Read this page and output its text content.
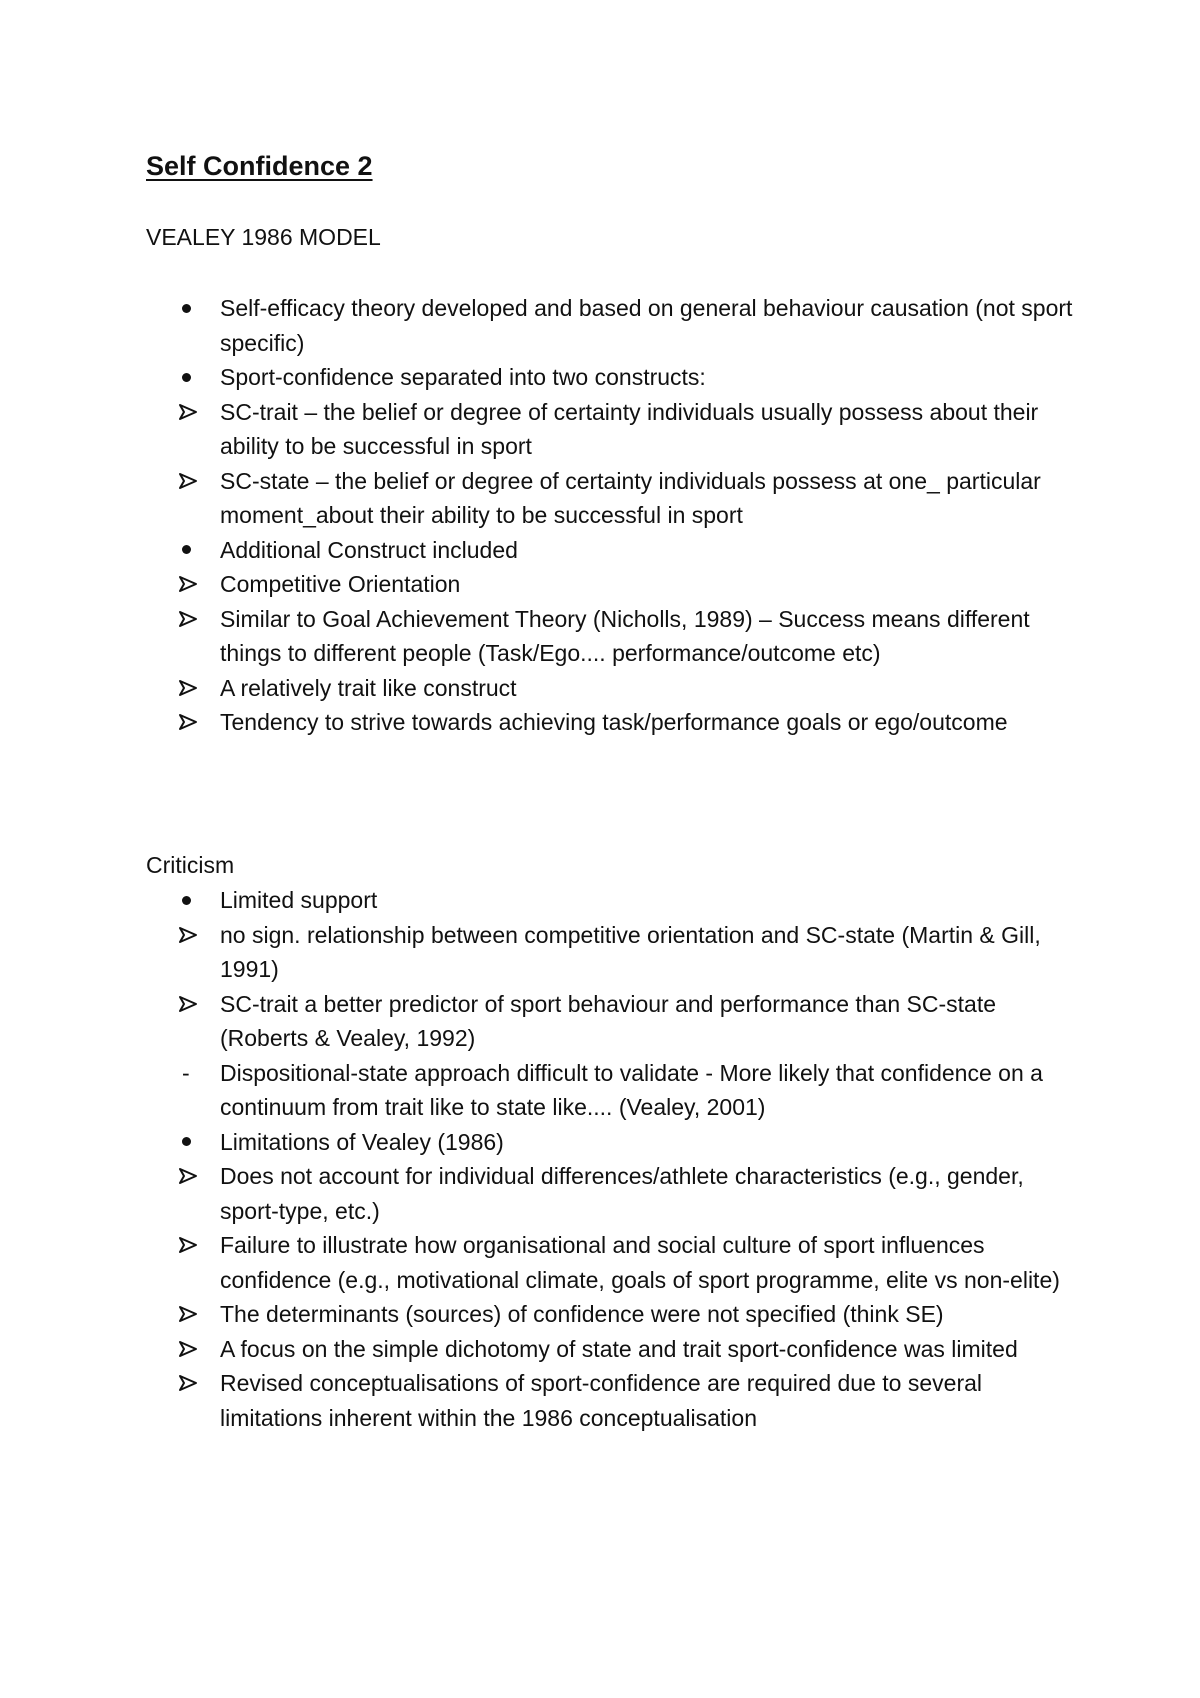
Self Confidence 2
VEALEY 1986 MODEL
Self-efficacy theory developed and based on general behaviour causation (not sport specific)
Sport-confidence separated into two constructs:
SC-trait – the belief or degree of certainty individuals usually possess about their ability to be successful in sport
SC-state – the belief or degree of certainty individuals possess at one_ particular moment_about their ability to be successful in sport
Additional Construct included
Competitive Orientation
Similar to Goal Achievement Theory (Nicholls, 1989) – Success means different things to different people (Task/Ego.... performance/outcome etc)
A relatively trait like construct
Tendency to strive towards achieving task/performance goals or ego/outcome
Criticism
Limited support
no sign. relationship between competitive orientation and SC-state (Martin & Gill, 1991)
SC-trait a better predictor of sport behaviour and performance than SC-state (Roberts & Vealey, 1992)
- Dispositional-state approach difficult to validate - More likely that confidence on a continuum from trait like to state like.... (Vealey, 2001)
Limitations of Vealey (1986)
Does not account for individual differences/athlete characteristics (e.g., gender, sport-type, etc.)
Failure to illustrate how organisational and social culture of sport influences confidence (e.g., motivational climate, goals of sport programme, elite vs non-elite)
The determinants (sources) of confidence were not specified (think SE)
A focus on the simple dichotomy of state and trait sport-confidence was limited
Revised conceptualisations of sport-confidence are required due to several limitations inherent within the 1986 conceptualisation
